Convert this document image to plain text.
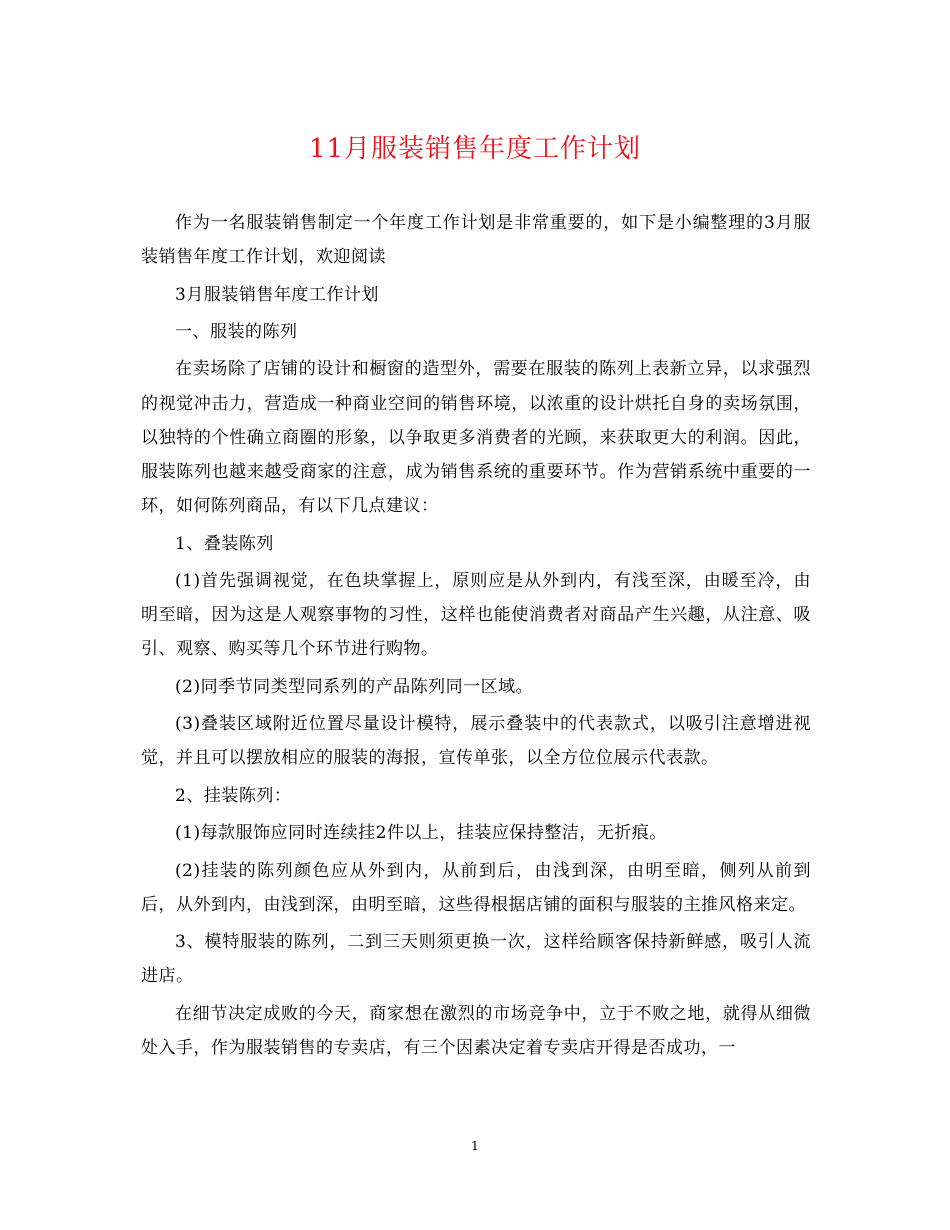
11月服装销售年度工作计划

作为一名服装销售制定一个年度工作计划是非常重要的，如下是小编整理的3月服装销售年度工作计划，欢迎阅读

3月服装销售年度工作计划

一、服装的陈列

在卖场除了店铺的设计和橱窗的造型外，需要在服装的陈列上表新立异，以求强烈的视觉冲击力，营造成一种商业空间的销售环境，以浓重的设计烘托自身的卖场氛围，以独特的个性确立商圈的形象，以争取更多消费者的光顾，来获取更大的利润。因此，服装陈列也越来越受商家的注意，成为销售系统的重要环节。作为营销系统中重要的一环，如何陈列商品，有以下几点建议：

1、叠装陈列

(1)首先强调视觉，在色块掌握上，原则应是从外到内，有浅至深，由暖至冷，由明至暗，因为这是人观察事物的习性，这样也能使消费者对商品产生兴趣，从注意、吸引、观察、购买等几个环节进行购物。

(2)同季节同类型同系列的产品陈列同一区域。

(3)叠装区域附近位置尽量设计模特，展示叠装中的代表款式，以吸引注意增进视觉，并且可以摆放相应的服装的海报，宣传单张，以全方位位展示代表款。

2、挂装陈列：

(1)每款服饰应同时连续挂2件以上，挂装应保持整洁，无折痕。

(2)挂装的陈列颜色应从外到内，从前到后，由浅到深，由明至暗，侧列从前到后，从外到内，由浅到深，由明至暗，这些得根据店铺的面积与服装的主推风格来定。

3、模特服装的陈列，二到三天则须更换一次，这样给顾客保持新鲜感，吸引人流进店。

在细节决定成败的今天，商家想在激烈的市场竞争中，立于不败之地，就得从细微处入手，作为服装销售的专卖店，有三个因素决定着专卖店开得是否成功，一

1
